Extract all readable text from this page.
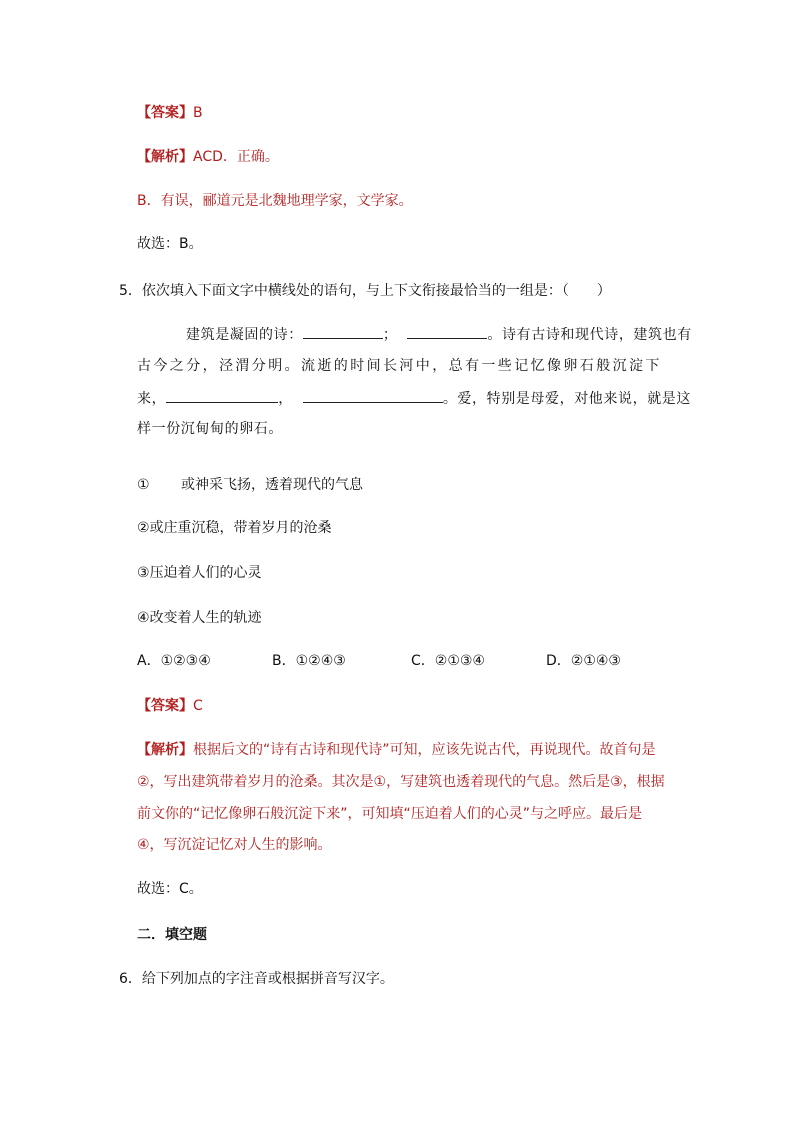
【答案】B
【解析】ACD．正确。
B．有误，郦道元是北魏地理学家，文学家。
故选：B。
5．依次填入下面文字中横线处的语句，与上下文衔接最恰当的一组是：（　　）
建筑是凝固的诗：	；	。诗有古诗和现代诗，建筑也有
古今之分，泾渭分明。流逝的时间长河中，总有一些记忆像卵石般沉淀下
来，	，	。爱，特别是母爱，对他来说，就是这
样一份沉甸甸的卵石。
① 或神采飞扬，透着现代的气息
②或庄重沉稳，带着岁月的沧桑
③压迫着人们的心灵
④改变着人生的轨迹
A．①②③④	B．①②④③	C．②①③④	D．②①④③
【答案】C
【解析】根据后文的“诗有古诗和现代诗”可知，应该先说古代，再说现代。故首句是
②，写出建筑带着岁月的沧桑。其次是①，写建筑也透着现代的气息。然后是③，根据
前文你的“记忆像卵石般沉淀下来”，可知填“压迫着人们的心灵”与之呼应。最后是
④，写沉淀记忆对人生的影响。
故选：C。
二．填空题
6．给下列加点的字注音或根据拼音写汉字。
